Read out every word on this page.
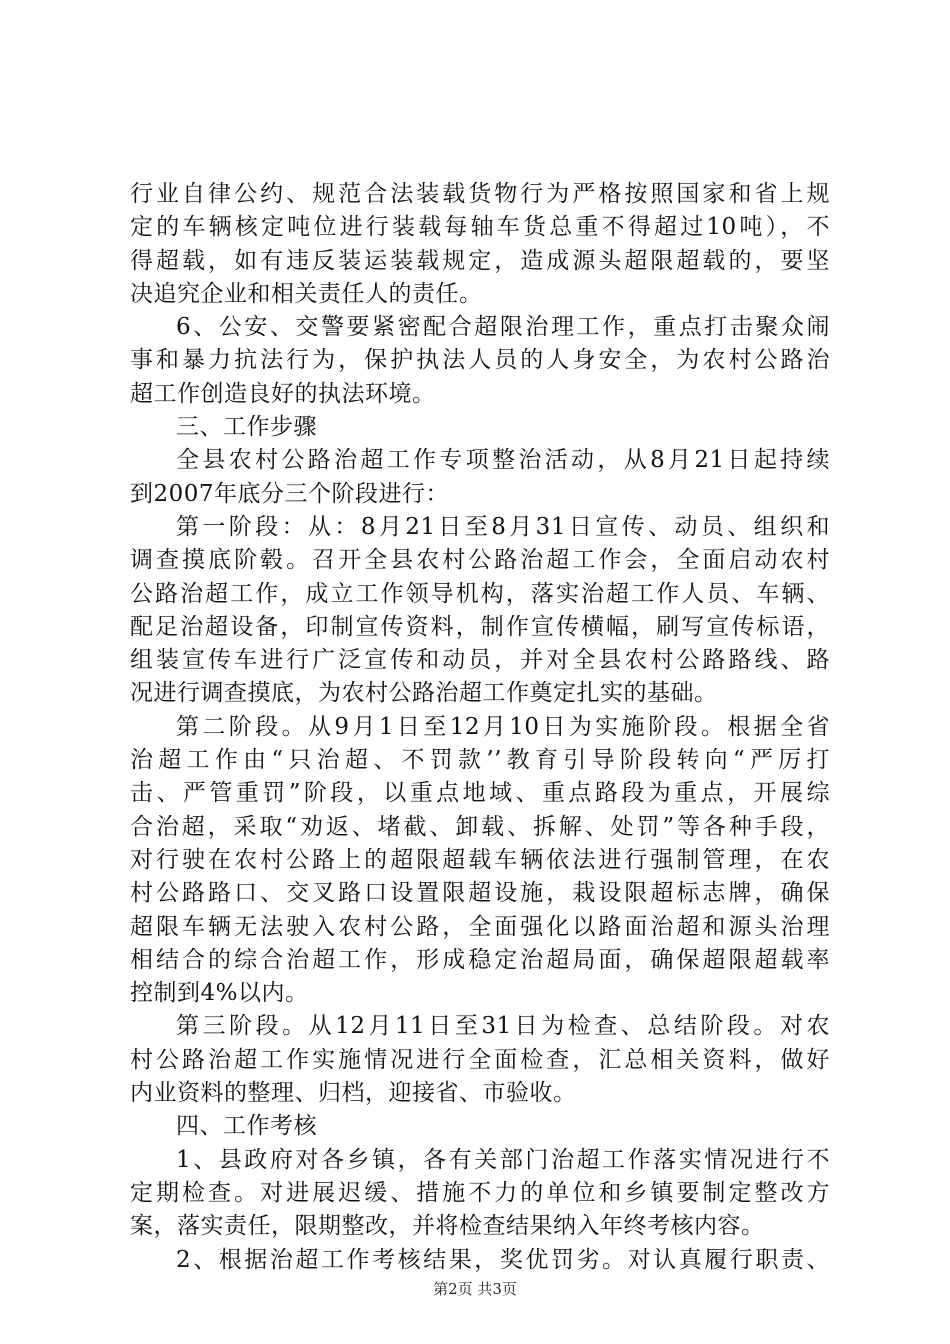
行业自律公约、规范合法装载货物行为严格按照国家和省上规
定的车辆核定吨位进行装载每轴车货总重不得超过10吨），不
得超载，如有违反装运装载规定，造成源头超限超载的，要坚
决追究企业和相关责任人的责任。
6、公安、交警要紧密配合超限治理工作，重点打击聚众闹
事和暴力抗法行为，保护执法人员的人身安全，为农村公路治
超工作创造良好的执法环境。
三、工作步骤
全县农村公路治超工作专项整治活动，从8月21日起持续
到2007年底分三个阶段进行：
第一阶段：从：8月21日至8月31日宣传、动员、组织和
调查摸底阶毂。召开全县农村公路治超工作会，全面启动农村
公路治超工作，成立工作领导机构，落实治超工作人员、车辆、
配足治超设备，印制宣传资料，制作宣传横幅，刷写宣传标语，
组装宣传车进行广泛宣传和动员，并对全县农村公路路线、路
况进行调查摸底，为农村公路治超工作奠定扎实的基础。
第二阶段。从9月1日至12月10日为实施阶段。根据全省
治超工作由“只治超、不罚款’’教育引导阶段转向“严厉打
击、严管重罚”阶段，以重点地域、重点路段为重点，开展综
合治超，采取“劝返、堵截、卸载、拆解、处罚”等各种手段，
对行驶在农村公路上的超限超载车辆依法进行强制管理，在农
村公路路口、交叉路口设置限超设施，栽设限超标志牌，确保
超限车辆无法驶入农村公路，全面强化以路面治超和源头治理
相结合的综合治超工作，形成稳定治超局面，确保超限超载率
控制到4%以内。
第三阶段。从12月11日至31日为检查、总结阶段。对农
村公路治超工作实施情况进行全面检查，汇总相关资料，做好
内业资料的整理、归档，迎接省、市验收。
四、工作考核
1、县政府对各乡镇，各有关部门治超工作落实情况进行不
定期检查。对进展迟缓、措施不力的单位和乡镇要制定整改方
案，落实责任，限期整改，并将检查结果纳入年终考核内容。
2、根据治超工作考核结果，奖优罚劣。对认真履行职责、
第2页 共3页
